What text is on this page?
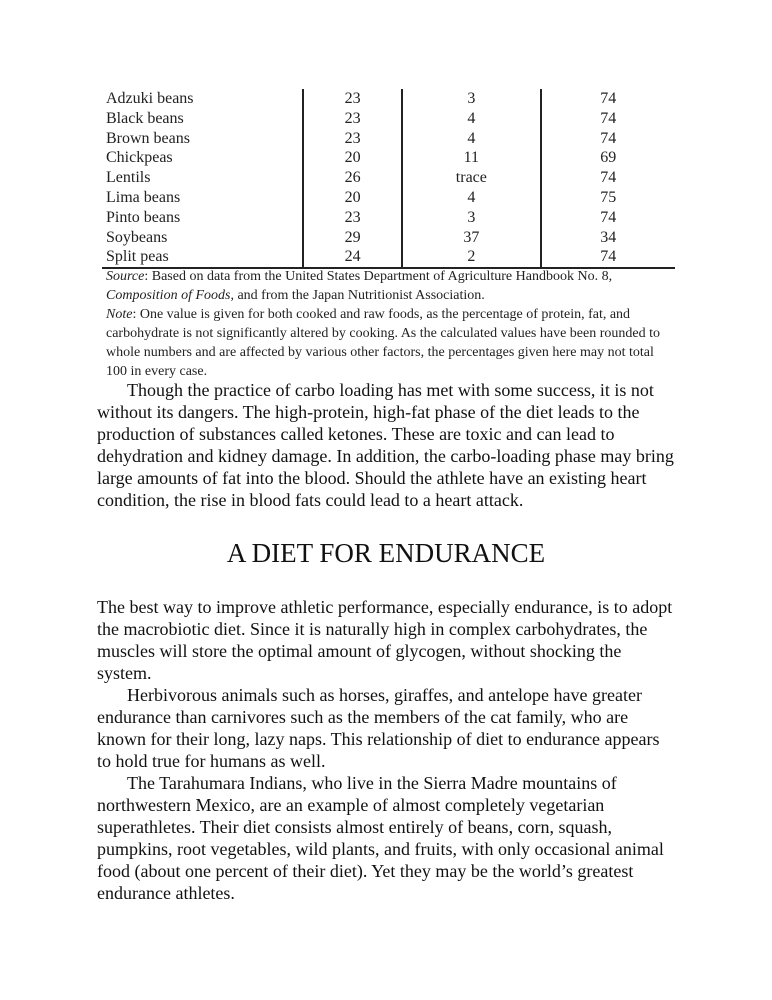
Adzuki beans	23	3	74
Black beans	23	4	74
Brown beans	23	4	74
Chickpeas	20	11	69
Lentils	26	trace	74
Lima beans	20	4	75
Pinto beans	23	3	74
Soybeans	29	37	34
Split peas	24	2	74

Source: Based on data from the United States Department of Agriculture Handbook No. 8, Composition of Foods, and from the Japan Nutritionist Association.

Note: One value is given for both cooked and raw foods, as the percentage of protein, fat, and carbohydrate is not significantly altered by cooking. As the calculated values have been rounded to whole numbers and are affected by various other factors, the percentages given here may not total 100 in every case.

Though the practice of carbo loading has met with some success, it is not without its dangers. The high-protein, high-fat phase of the diet leads to the production of substances called ketones. These are toxic and can lead to dehydration and kidney damage. In addition, the carbo-loading phase may bring large amounts of fat into the blood. Should the athlete have an existing heart condition, the rise in blood fats could lead to a heart attack.

A DIET FOR ENDURANCE

The best way to improve athletic performance, especially endurance, is to adopt the macrobiotic diet. Since it is naturally high in complex carbohydrates, the muscles will store the optimal amount of glycogen, without shocking the system.

Herbivorous animals such as horses, giraffes, and antelope have greater endurance than carnivores such as the members of the cat family, who are known for their long, lazy naps. This relationship of diet to endurance appears to hold true for humans as well.

The Tarahumara Indians, who live in the Sierra Madre mountains of northwestern Mexico, are an example of almost completely vegetarian superathletes. Their diet consists almost entirely of beans, corn, squash, pumpkins, root vegetables, wild plants, and fruits, with only occasional animal food (about one percent of their diet). Yet they may be the world’s greatest endurance athletes.
